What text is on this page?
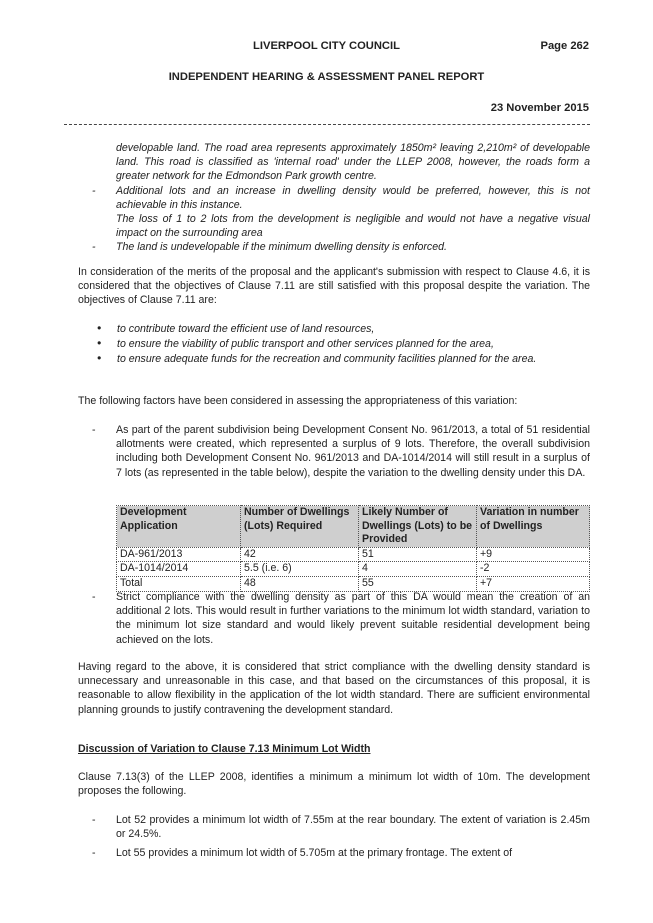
LIVERPOOL CITY COUNCIL	Page 262
INDEPENDENT HEARING & ASSESSMENT PANEL REPORT
23 November 2015
developable land. The road area represents approximately 1850m² leaving 2,210m² of developable land. This road is classified as 'internal road' under the LLEP 2008, however, the roads form a greater network for the Edmondson Park growth centre.
- Additional lots and an increase in dwelling density would be preferred, however, this is not achievable in this instance.
The loss of 1 to 2 lots from the development is negligible and would not have a negative visual impact on the surrounding area
- The land is undevelopable if the minimum dwelling density is enforced.
In consideration of the merits of the proposal and the applicant's submission with respect to Clause 4.6, it is considered that the objectives of Clause 7.11 are still satisfied with this proposal despite the variation. The objectives of Clause 7.11 are:
• to contribute toward the efficient use of land resources,
• to ensure the viability of public transport and other services planned for the area,
• to ensure adequate funds for the recreation and community facilities planned for the area.
The following factors have been considered in assessing the appropriateness of this variation:
- As part of the parent subdivision being Development Consent No. 961/2013, a total of 51 residential allotments were created, which represented a surplus of 9 lots. Therefore, the overall subdivision including both Development Consent No. 961/2013 and DA-1014/2014 will still result in a surplus of 7 lots (as represented in the table below), despite the variation to the dwelling density under this DA.
Development Application	Number of Dwellings (Lots) Required	Likely Number of Dwellings (Lots) to be Provided	Variation in number of Dwellings
DA-961/2013	42	51	+9
DA-1014/2014	5.5 (i.e. 6)	4	-2
Total	48	55	+7
- Strict compliance with the dwelling density as part of this DA would mean the creation of an additional 2 lots. This would result in further variations to the minimum lot width standard, variation to the minimum lot size standard and would likely prevent suitable residential development being achieved on the lots.
Having regard to the above, it is considered that strict compliance with the dwelling density standard is unnecessary and unreasonable in this case, and that based on the circumstances of this proposal, it is reasonable to allow flexibility in the application of the lot width standard. There are sufficient environmental planning grounds to justify contravening the development standard.
Discussion of Variation to Clause 7.13 Minimum Lot Width
Clause 7.13(3) of the LLEP 2008, identifies a minimum a minimum lot width of 10m. The development proposes the following.
- Lot 52 provides a minimum lot width of 7.55m at the rear boundary. The extent of variation is 2.45m or 24.5%.
- Lot 55 provides a minimum lot width of 5.705m at the primary frontage. The extent of
